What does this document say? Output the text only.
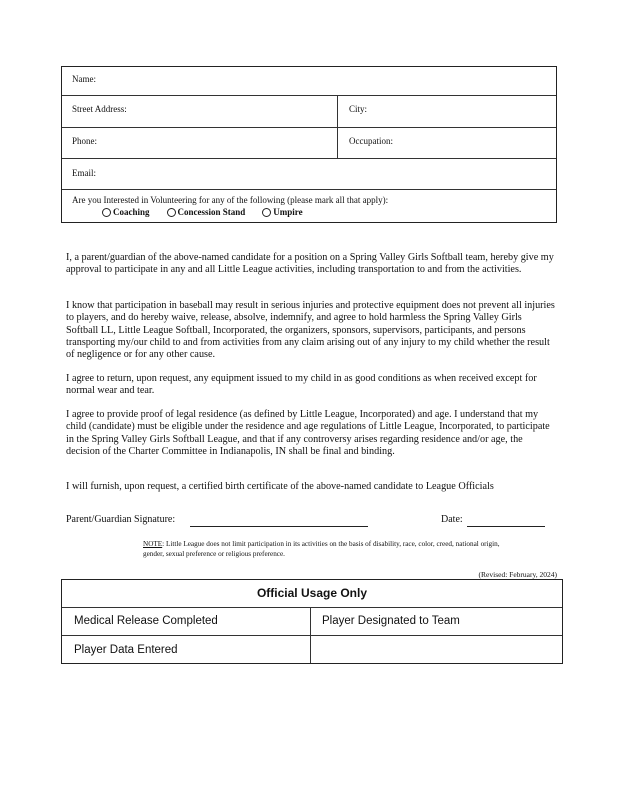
Name:
Street Address:	City:
Phone:	Occupation:
Email:
Are you Interested in Volunteering for any of the following (please mark all that apply):
Coaching	Concession Stand	Umpire

I, a parent/guardian of the above-named candidate for a position on a Spring Valley Girls Softball team, hereby give my approval to participate in any and all Little League activities, including transportation to and from the activities.

I know that participation in baseball may result in serious injuries and protective equipment does not prevent all injuries to players, and do hereby waive, release, absolve, indemnify, and agree to hold harmless the Spring Valley Girls Softball LL, Little League Softball, Incorporated, the organizers, sponsors, supervisors, participants, and persons transporting my/our child to and from activities from any claim arising out of any injury to my child whether the result of negligence or for any other cause.

I agree to return, upon request, any equipment issued to my child in as good conditions as when received except for normal wear and tear.

I agree to provide proof of legal residence (as defined by Little League, Incorporated) and age. I understand that my child (candidate) must be eligible under the residence and age regulations of Little League, Incorporated, to participate in the Spring Valley Girls Softball League, and that if any controversy arises regarding residence and/or age, the decision of the Charter Committee in Indianapolis, IN shall be final and binding.

I will furnish, upon request, a certified birth certificate of the above-named candidate to League Officials

Parent/Guardian Signature:	Date:
NOTE: Little League does not limit participation in its activities on the basis of disability, race, color, creed, national origin, gender, sexual preference or religious preference.
(Revised: February, 2024)
Official Usage Only
Medical Release Completed	Player Designated to Team
Player Data Entered
